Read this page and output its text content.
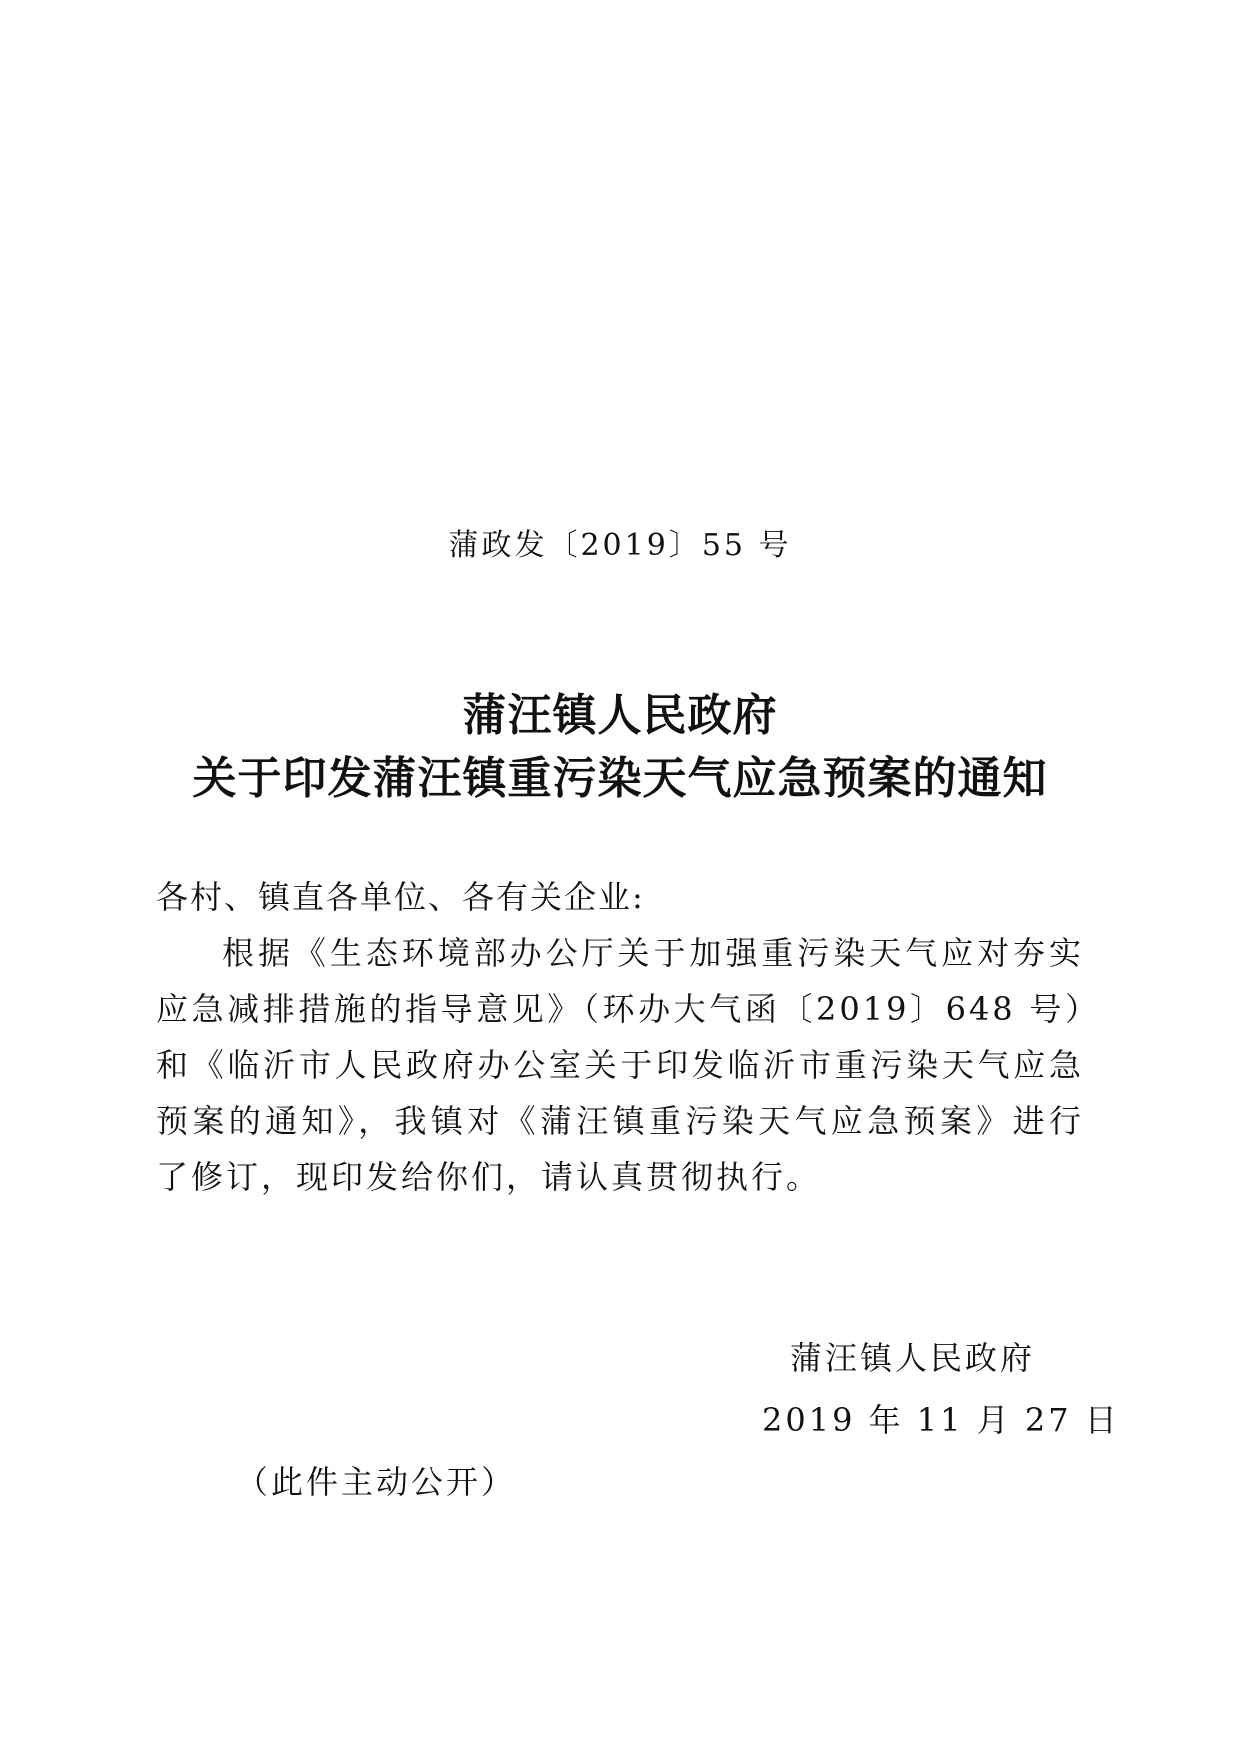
蒲政发〔2019〕55 号
蒲汪镇人民政府
关于印发蒲汪镇重污染天气应急预案的通知
各村、镇直各单位、各有关企业:

根据《生态环境部办公厅关于加强重污染天气应对夯实应急减排措施的指导意见》（环办大气函〔2019〕648 号）和《临沂市人民政府办公室关于印发临沂市重污染天气应急预案的通知》，我镇对《蒲汪镇重污染天气应急预案》进行了修订，现印发给你们，请认真贯彻执行。

蒲汪镇人民政府
2019 年 11 月 27 日
（此件主动公开）
